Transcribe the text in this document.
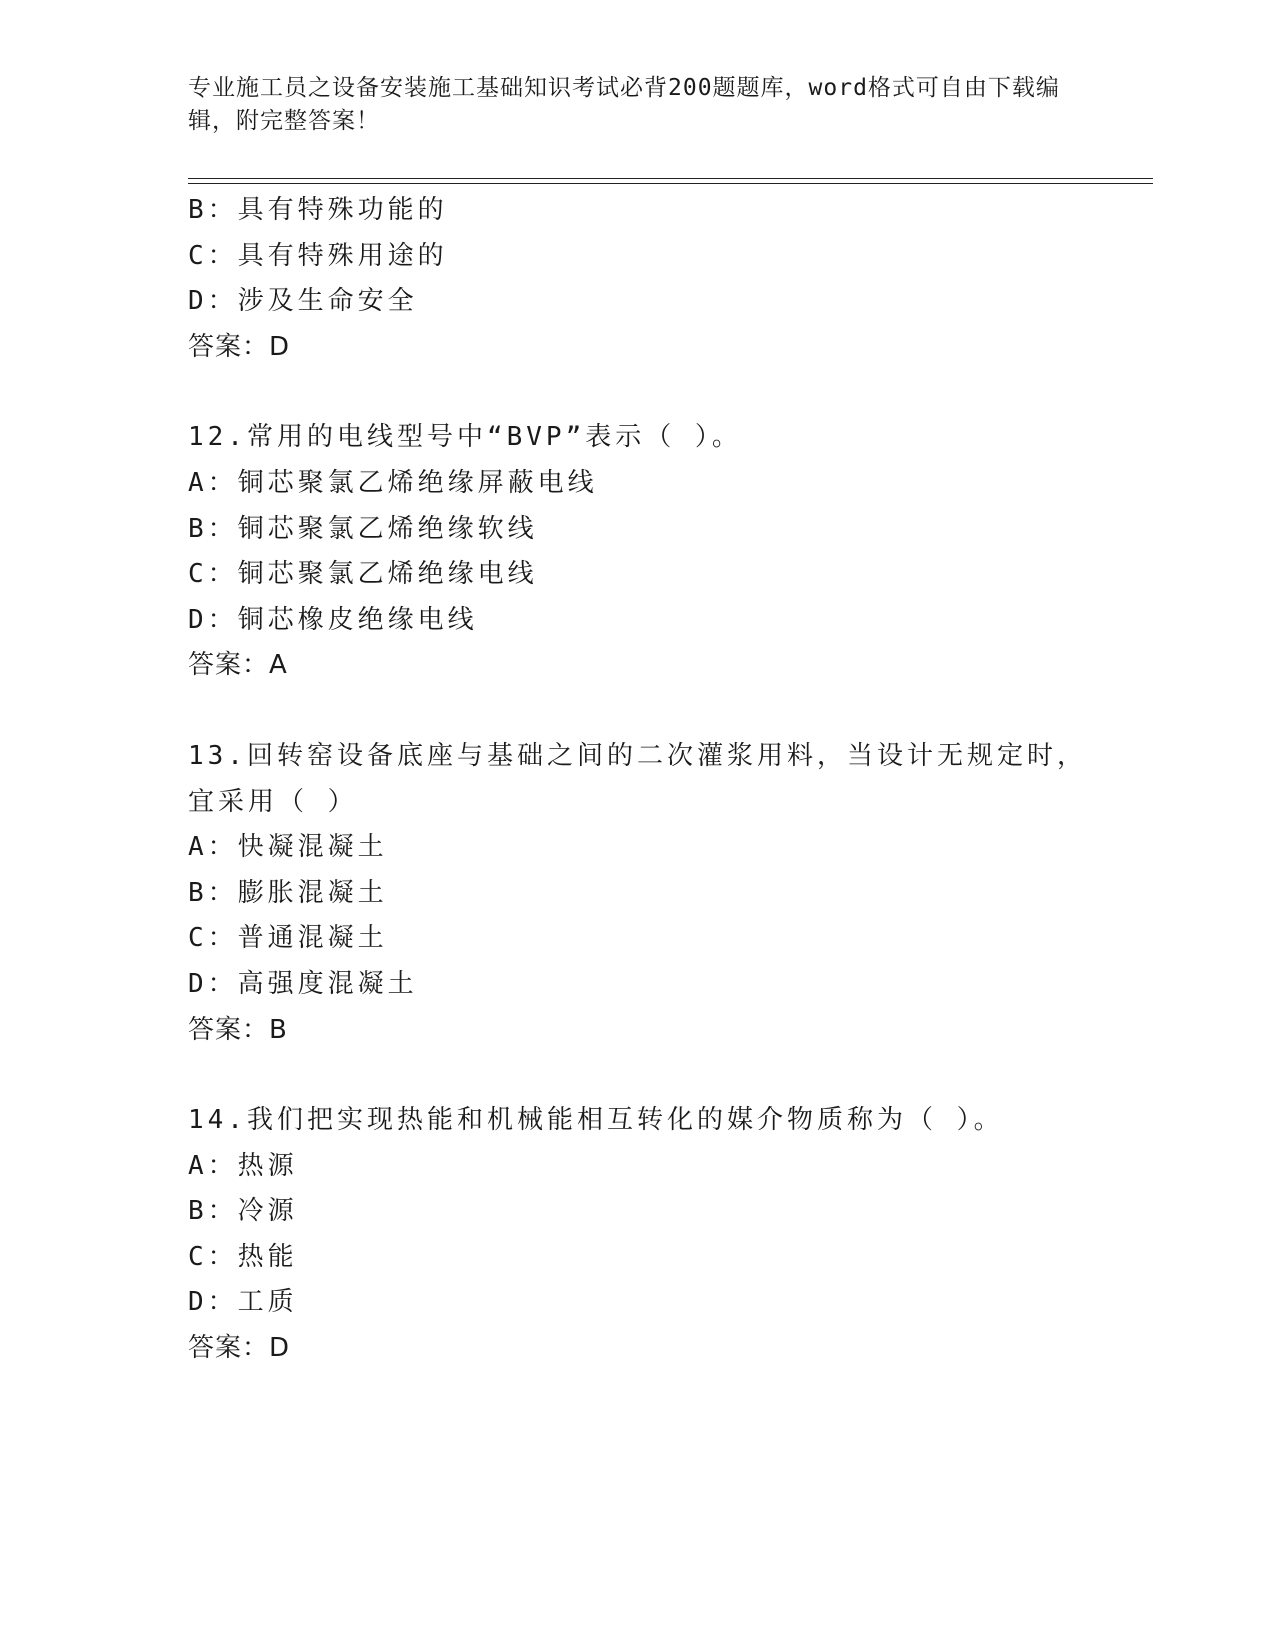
专业施工员之设备安装施工基础知识考试必背200题题库，word格式可自由下载编辑，附完整答案！
B：具有特殊功能的
C：具有特殊用途的
D：涉及生命安全
答案：D
12.常用的电线型号中“BVP”表示（ ）。
A：铜芯聚氯乙烯绝缘屏蔽电线
B：铜芯聚氯乙烯绝缘软线
C：铜芯聚氯乙烯绝缘电线
D：铜芯橡皮绝缘电线
答案：A
13.回转窑设备底座与基础之间的二次灌浆用料，当设计无规定时，宜采用（ ）
A：快凝混凝土
B：膨胀混凝土
C：普通混凝土
D：高强度混凝土
答案：B
14.我们把实现热能和机械能相互转化的媒介物质称为（ ）。
A：热源
B：冷源
C：热能
D：工质
答案：D
